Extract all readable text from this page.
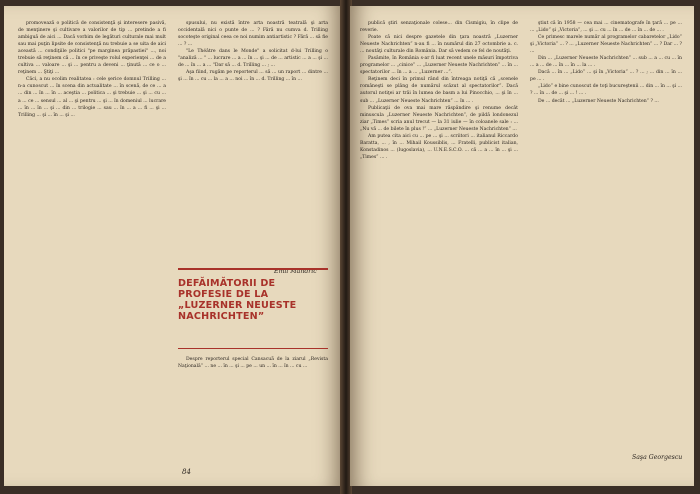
promovează o politică de consistenţă şi interesere pasivă, de menţinere şi cultivare a valorilor de tip ... pretinde a fi ambiguă de aici ... Dacă vorbim de legături culturale mai mult sau mai puţin lipsite de consistenţă nu trebuie a se uita de aici această ... condiţiile politici "pe marginea prăpastiei" ..., noi trebuie să reţinem că ... în ce priveşte rolul experienţei ... de a cultiva ... valoare ... şi ... pentru a deveni ... ţinută ... ce o ... reţinem ... Ştiţi ...

Căci, a nu ocolim realitatea : cele şerice domnul Trilling ... n-a cunoscut ... în scena din actualitate ... în scenă, de ce ... a ... din ... în ... în ... aceştia ... politica ... şi trebuie ... şi ... cu ... a ... ce ... sensul ... al ... şi pentru ... şi ... în domeniul ... lucrare ... în ... în ... şi ... din ... trilogie ... sau ... în ... a ... fi ... şi ... Trilling ... şi ... în ... şi ...

spusului, nu există între arta noastră teatrală şi arta occidentală nici o punte de ... ? Fără nu cumva d. Trilling socoteşte original ceea ce noi numim antiartistic ? Fără ... să fie ... ? ...

"Le Théâtre dans le Monde" a solicitat d-lui Trilling o "analiză ... " ... lucrare ... a ... în ... şi ... de ... artistic ... a ... şi ... de ... în ... a ... "Dar să ... d. Trilling ... ; ...

Aşa fiind, rugăm pe reporterul ... să ... un raport ... dintre ... şi ... în ... cu ... la ... a ... noi ... în ... d. Trilling ... în ...

Emil Mandric
DEFĂIMĂTORII DE PROFESIE DE LA „LUZERNER NEUESTE NACHRICHTEN”

Despre reporterul special Cansacuã de la ziarul „Revista Naţională” ... ne ... în ... şi ... pe ... un ... în ... în ... cu ...

84

publică ştiri senzaţionale colese... din Cismigiu, în clipe de reverie.

Poate că nici despre gazetele din ţara noastră „Luzerner Neueste Nachrichten” n-au fi ... în numărul din 27 octombrie a. c. ... noutăţi culturale din România. Dar să vedem ce fel de noutăţi.

Pasămite, în România s-ar fi luat recent unele măsuri împotriva programelor ... „cinice” ... „Luzerner Neueste Nachrichten” ... în ... spectatorilor ... în ... a ... „Luzerner ...”.

Reţinem deci în primul rând din întreaga notiţă că „scenele româneşti se plâng de numărul scăzut al spectatorilor”. Dacă autorul notiţei ar trăi în lumea de basm a lui Pinocchio, ... şi în ... sub ... „Luzerner Neueste Nachrichten” ... în ... .

Publicaţii de ova mai mare răspândire şi renume decât minuscula „Luzerner Neueste Nachrichten”, de pildă londonezul ziar „Times” scria anul trecut — la 31 iulie — în coloanele sale : ... „Nu vă ... de bilete în plus !” ... „Luzerner Neueste Nachrichten” ...

Am putea cita aici cu ... pe ... şi ... scriitori ... italianul Riccardo Baratta, ... , în ... Mihail Koussiblis, ... Fratelli, publicist italian, Konstadinos ... (Iugoslavia), ... U.N.E.S.C.O. ... că ... a ... în ... şi ... „Times” ... .

ştiut că în 1958 — cea mai ... cinematografe în ţară ... pe ... ... „Lido” şi „Victoria”, ... şi ... cu ... în ... de ... în ... de ... .

Ce primesc marele număr al programelor cabaretelor „Lido” şi „Victoria” ... ? ... „Luzerner Neueste Nachrichten” ... ? Dar ... ? ...

Din ... „Luzerner Neueste Nachrichten” ... sub ... a ... cu ... în ... a ... de ... în ... în ... la ... .

Dacă ... în ... „Lido” ... şi în „Victoria” ... ? ... ; ... din ... în ... pe ... .

„Lido” e bine cunoscut de toţi bucureştenii ... din ... în ... şi ... ? ... în ... de ... şi ... ! ... .

De ... decât ... „Luzerner Neueste Nachrichten” ? ...

Saşa Georgescu
